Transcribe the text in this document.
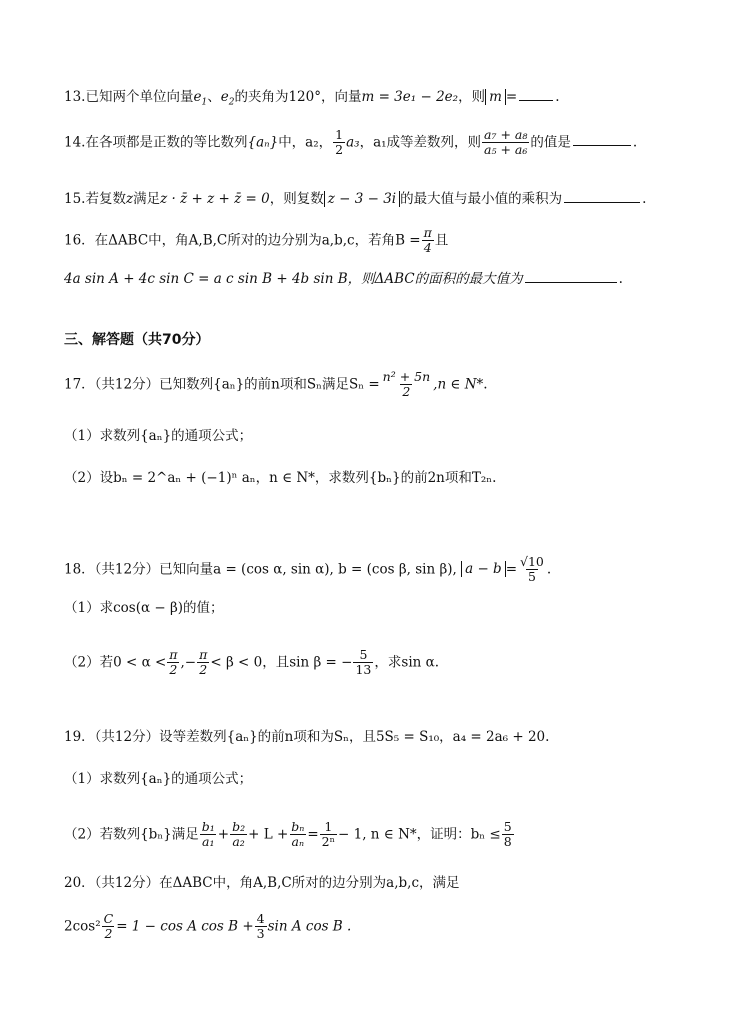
13.已知两个单位向量$e_1$、$e_2$的夹角为120°，向量m = 3e₁ − 2e₂，则 m =	.
14.在各项都是正数的等比数列{aₙ}中，a₂， $\frac{1}{2} a_3$，a₁成等差数列，则 $\frac{\text{a₇ + a₈}}{\text{a₅ + a₆}}$ 的值是	.
15.若复数z满足z · z̄ + z + z̄ = 0，则复数 z − 3 − 3i 的最大值与最小值的乘积为	.
16．在ΔABC中，角A,B,C所对的边分别为a,b,c，若角$B = \frac{\pi}{4}$ 且
4a sin A + 4c sin C = a c sin B + 4b sin B，则ΔABC的面积的最大值为	.
三、解答题（共70分）
17．（共12分）已知数列{aₙ}的前n项和Sₙ满足$S_n = \frac{\text{n² + 5n}}{2} ,n$ ∈ N*.
（1）求数列{aₙ}的通项公式；
（2）设bₙ = 2^aₙ + (−1)ⁿ aₙ，n ∈ N*，求数列{bₙ}的前2n项和T₂ₙ.
18．（共12分）已知向量a = (cos α, sin α), b = (cos β, sin β), $a - b = \frac{√10}{5}$ .
（1）求cos(α − β)的值；
（2）若$0 < \alpha < \frac{\pi}{2}$ ,− $\frac{\pi}{2} < \beta < 0$，且sin β = − $\frac{5}{13}$ ，求sin α.
19．（共12分）设等差数列{aₙ}的前n项和为Sₙ，且5S₅ = S₁₀，a₄ = 2a₆ + 20.
（1）求数列{aₙ}的通项公式；
（2）若数列{bₙ}满足 $\frac{\text{b₁}}{\text{a₁}} + \frac{\text{b₂}}{\text{a₂}} + L + \frac{\text{bₙ}}{\text{aₙ}} = \frac{1}{\text{2ⁿ}} - 1$, n ∈ N*，证明：$b_n \le \frac{5}{8}$
20．（共12分）在ΔABC中，角A,B,C所对的边分别为a,b,c，满足
$2\cos^2 \frac{C}{2} = 1 - \cos A$ $\cos B + \frac{4}{3}$ sin A cos B .
